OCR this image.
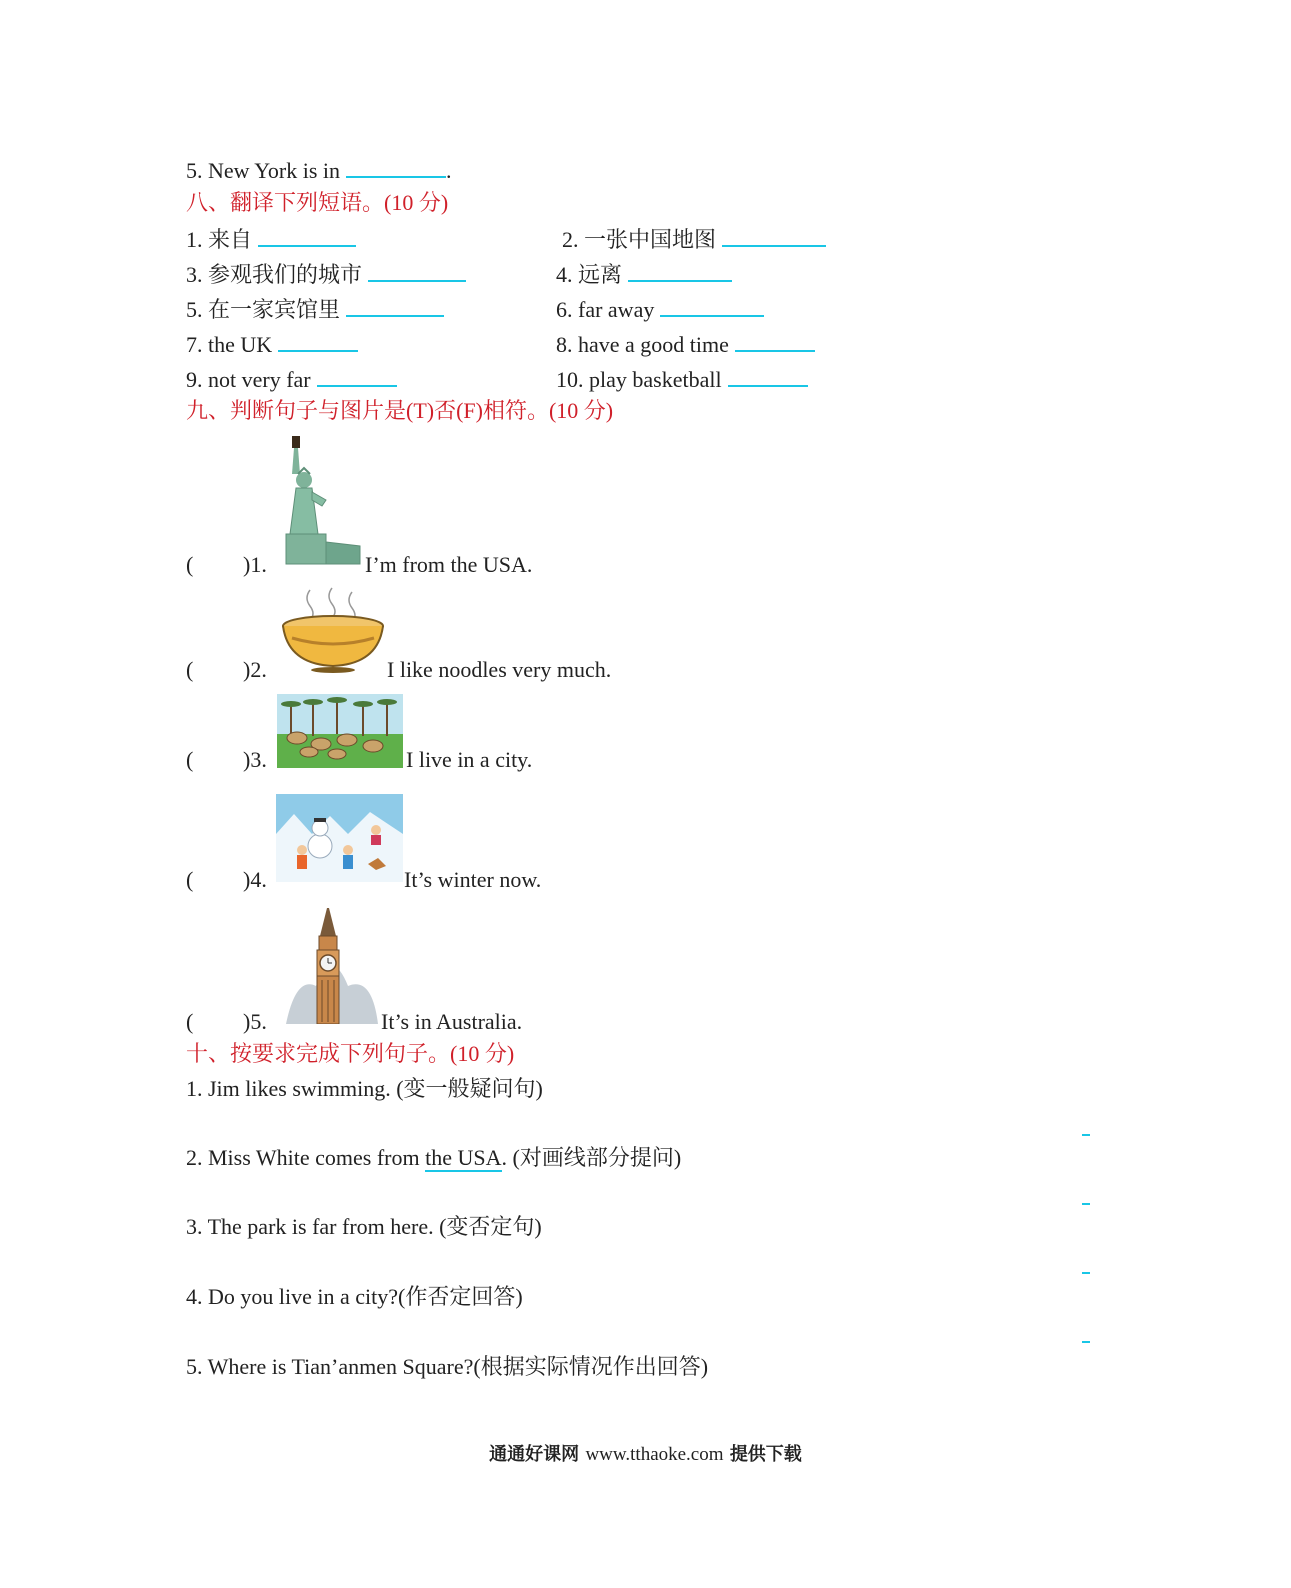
5. New York is in	.
八、翻译下列短语。(10 分)
1. 来自	2. 一张中国地图
3. 参观我们的城市	4. 远离
5. 在一家宾馆里	6. far away
7. the UK	8. have a good time
9. not very far	10. play basketball
九、判断句子与图片是(T)否(F)相符。(10 分)
( )1.	I’m from the USA.
( )2.	I like noodles very much.
( )3.	I live in a city.
( )4.	It’s winter now.
( )5.	It’s in Australia.
十、按要求完成下列句子。(10 分)
1. Jim likes swimming. (变一般疑问句)
2. Miss White comes from the USA. (对画线部分提问)
3. The park is far from here. (变否定句)
4. Do you live in a city?(作否定回答)
5. Where is Tian’anmen Square?(根据实际情况作出回答)
通通好课网 www.tthaoke.com 提供下载
